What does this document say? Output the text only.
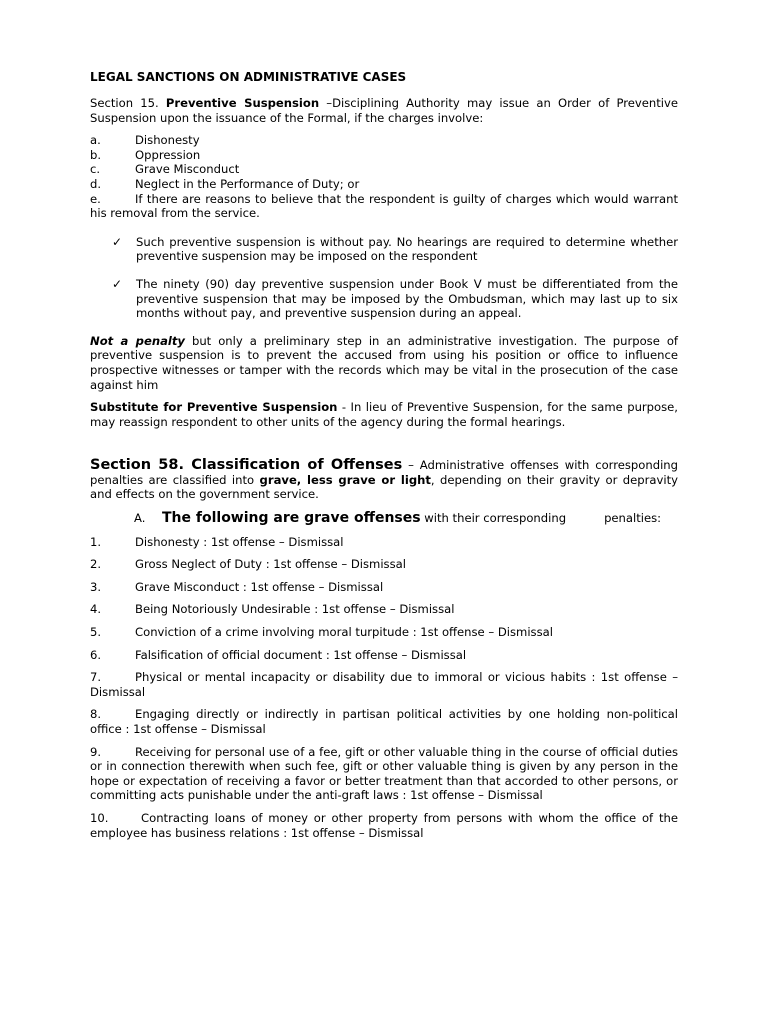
LEGAL SANCTIONS ON ADMINISTRATIVE CASES

Section 15. Preventive Suspension –Disciplining Authority may issue an Order of Preventive Suspension upon the issuance of the Formal, if the charges involve:

a.	Dishonesty
b.	Oppression
c.	Grave Misconduct
d.	Neglect in the Performance of Duty; or
e.	If there are reasons to believe that the respondent is guilty of charges which would warrant his removal from the service.
✓	Such preventive suspension is without pay. No hearings are required to determine whether preventive suspension may be imposed on the respondent
✓	The ninety (90) day preventive suspension under Book V must be differentiated from the preventive suspension that may be imposed by the Ombudsman, which may last up to six months without pay, and preventive suspension during an appeal.

Not a penalty but only a preliminary step in an administrative investigation. The purpose of preventive suspension is to prevent the accused from using his position or office to influence prospective witnesses or tamper with the records which may be vital in the prosecution of the case against him

Substitute for Preventive Suspension - In lieu of Preventive Suspension, for the same purpose, may reassign respondent to other units of the agency during the formal hearings.

Section 58. Classification of Offenses – Administrative offenses with corresponding penalties are classified into grave, less grave or light, depending on their gravity or depravity and effects on the government service.

A. The following are grave offenses with their corresponding	penalties:

1.	Dishonesty : 1st offense – Dismissal

2.	Gross Neglect of Duty : 1st offense – Dismissal

3.	Grave Misconduct : 1st offense – Dismissal

4.	Being Notoriously Undesirable : 1st offense – Dismissal

5.	Conviction of a crime involving moral turpitude : 1st offense – Dismissal

6.	Falsification of official document : 1st offense – Dismissal

7.	Physical or mental incapacity or disability due to immoral or vicious habits : 1st offense – Dismissal

8.	Engaging directly or indirectly in partisan political activities by one holding non-political office : 1st offense – Dismissal

9.	Receiving for personal use of a fee, gift or other valuable thing in the course of official duties or in connection therewith when such fee, gift or other valuable thing is given by any person in the hope or expectation of receiving a favor or better treatment than that accorded to other persons, or committing acts punishable under the anti-graft laws : 1st offense – Dismissal

10.	Contracting loans of money or other property from persons with whom the office of the employee has business relations : 1st offense – Dismissal
